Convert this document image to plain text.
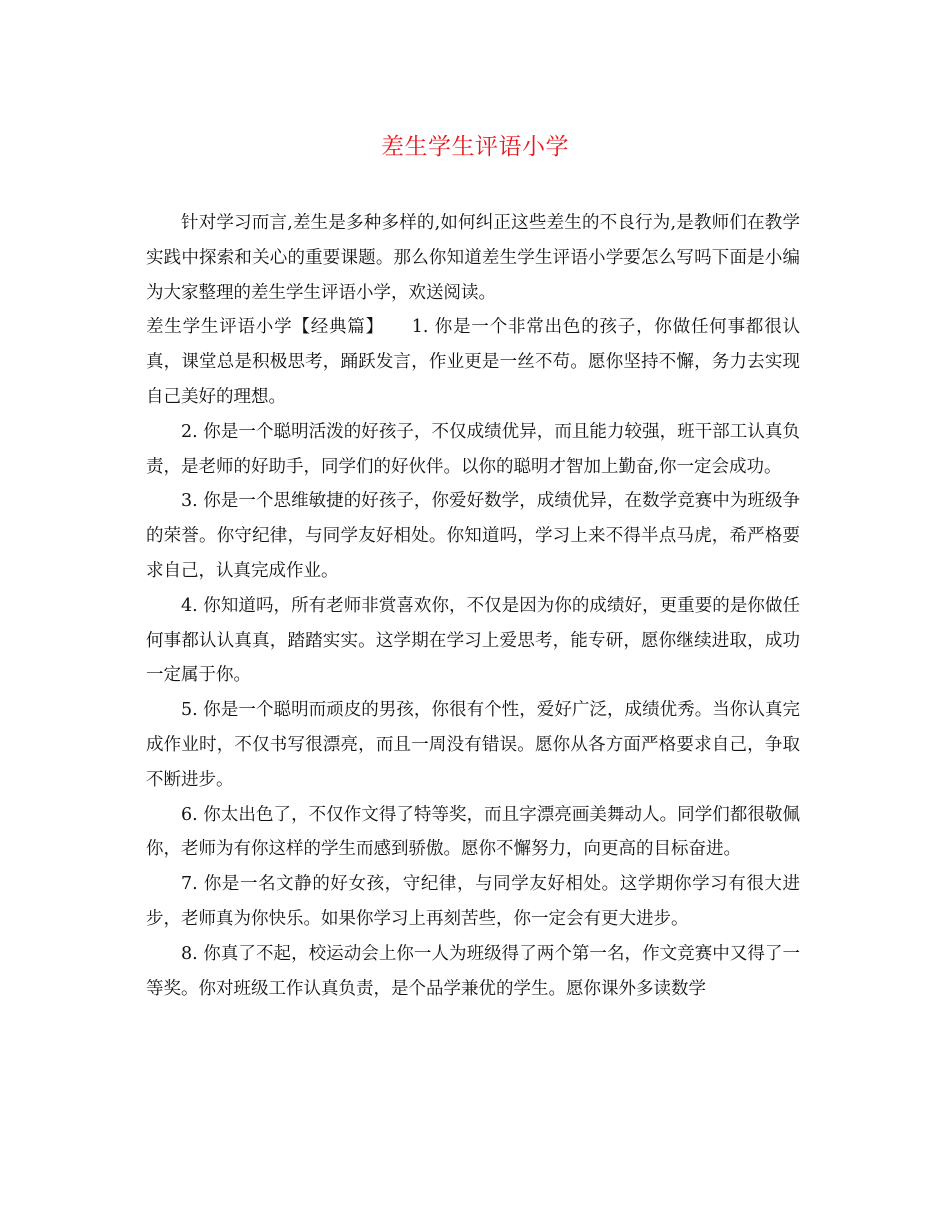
差生学生评语小学

针对学习而言,差生是多种多样的,如何纠正这些差生的不良行为,是教师们在教学实践中探索和关心的重要课题。那么你知道差生学生评语小学要怎么写吗下面是小编为大家整理的差生学生评语小学，欢送阅读。

差生学生评语小学【经典篇】　　1. 你是一个非常出色的孩子，你做任何事都很认真，课堂总是积极思考，踊跃发言，作业更是一丝不苟。愿你坚持不懈，务力去实现自己美好的理想。

2. 你是一个聪明活泼的好孩子，不仅成绩优异，而且能力较强，班干部工认真负责，是老师的好助手，同学们的好伙伴。以你的聪明才智加上勤奋,你一定会成功。

3. 你是一个思维敏捷的好孩子，你爱好数学，成绩优异，在数学竞赛中为班级争的荣誉。你守纪律，与同学友好相处。你知道吗，学习上来不得半点马虎，希严格要求自己，认真完成作业。

4. 你知道吗，所有老师非赏喜欢你，不仅是因为你的成绩好，更重要的是你做任何事都认认真真，踏踏实实。这学期在学习上爱思考，能专研，愿你继续进取，成功一定属于你。

5. 你是一个聪明而顽皮的男孩，你很有个性，爱好广泛，成绩优秀。当你认真完成作业时，不仅书写很漂亮，而且一周没有错误。愿你从各方面严格要求自己，争取不断进步。

6. 你太出色了，不仅作文得了特等奖，而且字漂亮画美舞动人。同学们都很敬佩你，老师为有你这样的学生而感到骄傲。愿你不懈努力，向更高的目标奋进。

7. 你是一名文静的好女孩，守纪律，与同学友好相处。这学期你学习有很大进步，老师真为你快乐。如果你学习上再刻苦些，你一定会有更大进步。

8. 你真了不起，校运动会上你一人为班级得了两个第一名，作文竞赛中又得了一等奖。你对班级工作认真负责，是个品学兼优的学生。愿你课外多读数学
